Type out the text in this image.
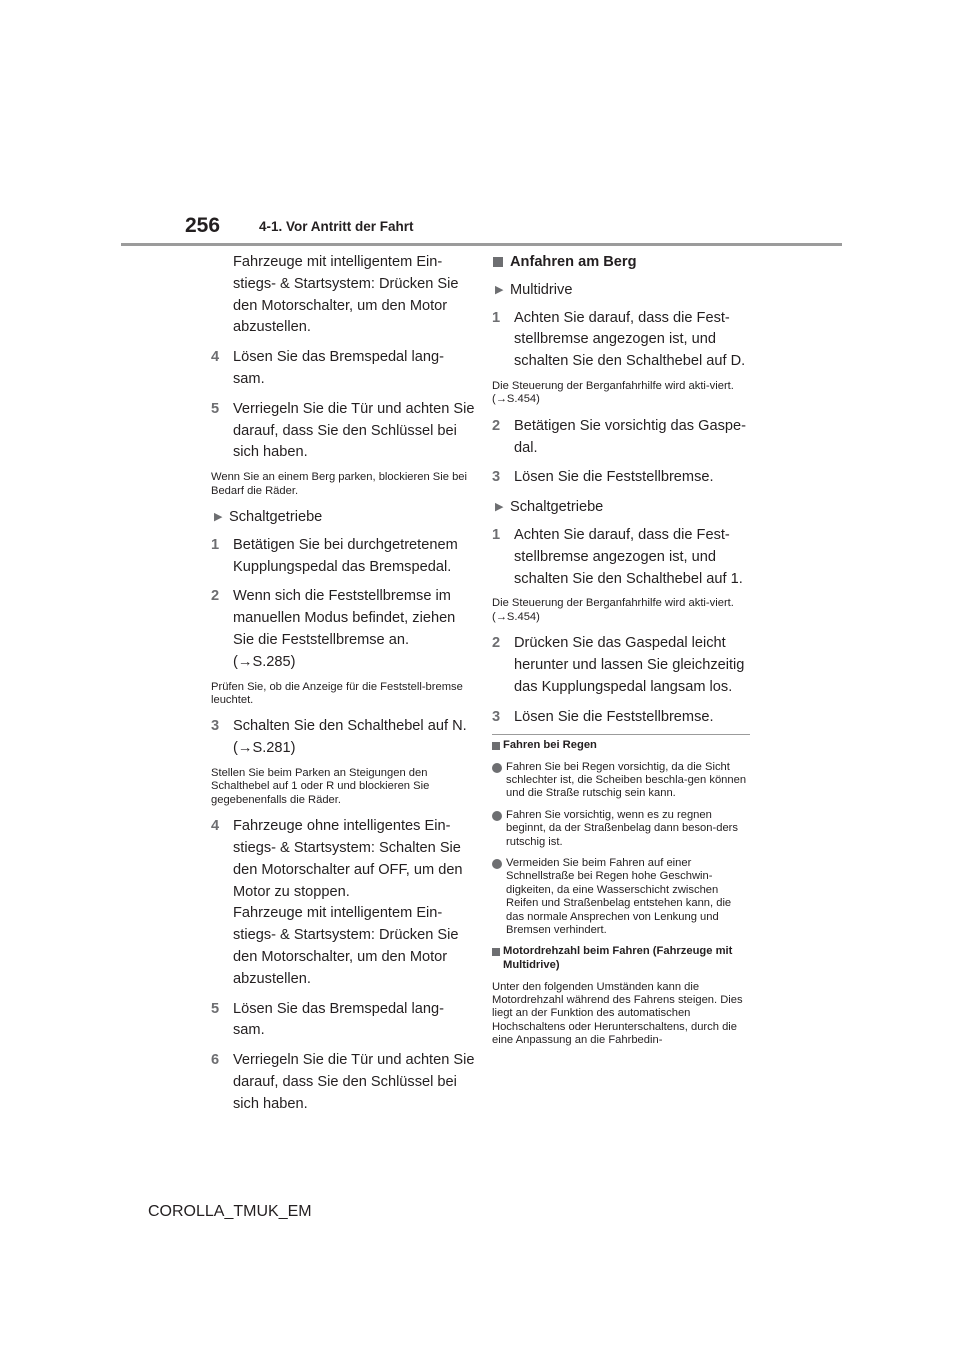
256	4-1. Vor Antritt der Fahrt

Fahrzeuge mit intelligentem Ein-stiegs- & Startsystem: Drücken Sie den Motorschalter, um den Motor abzustellen.

4 Lösen Sie das Bremspedal lang-sam.
5 Verriegeln Sie die Tür und achten Sie darauf, dass Sie den Schlüssel bei sich haben.

Wenn Sie an einem Berg parken, blockieren Sie bei Bedarf die Räder.

▶ Schaltgetriebe
1 Betätigen Sie bei durchgetretenem Kupplungspedal das Bremspedal.
2 Wenn sich die Feststellbremse im manuellen Modus befindet, ziehen Sie die Feststellbremse an. (→S.285)

Prüfen Sie, ob die Anzeige für die Feststell-bremse leuchtet.

3 Schalten Sie den Schalthebel auf N. (→S.281)

Stellen Sie beim Parken an Steigungen den Schalthebel auf 1 oder R und blockieren Sie gegebenenfalls die Räder.

4 Fahrzeuge ohne intelligentes Ein-stiegs- & Startsystem: Schalten Sie den Motorschalter auf OFF, um den Motor zu stoppen.
Fahrzeuge mit intelligentem Ein-stiegs- & Startsystem: Drücken Sie den Motorschalter, um den Motor abzustellen.
5 Lösen Sie das Bremspedal lang-sam.
6 Verriegeln Sie die Tür und achten Sie darauf, dass Sie den Schlüssel bei sich haben.
Anfahren am Berg
▶ Multidrive
1 Achten Sie darauf, dass die Fest-stellbremse angezogen ist, und schalten Sie den Schalthebel auf D.

Die Steuerung der Berganfahrhilfe wird akti-viert. (→S.454)

2 Betätigen Sie vorsichtig das Gaspe-dal.
3 Lösen Sie die Feststellbremse.
▶ Schaltgetriebe
1 Achten Sie darauf, dass die Fest-stellbremse angezogen ist, und schalten Sie den Schalthebel auf 1.

Die Steuerung der Berganfahrhilfe wird akti-viert. (→S.454)

2 Drücken Sie das Gaspedal leicht herunter und lassen Sie gleichzeitig das Kupplungspedal langsam los.
3 Lösen Sie die Feststellbremse.
Fahren bei Regen
Fahren Sie bei Regen vorsichtig, da die Sicht schlechter ist, die Scheiben beschla-gen können und die Straße rutschig sein kann.
Fahren Sie vorsichtig, wenn es zu regnen beginnt, da der Straßenbelag dann beson-ders rutschig ist.
Vermeiden Sie beim Fahren auf einer Schnellstraße bei Regen hohe Geschwin-digkeiten, da eine Wasserschicht zwischen Reifen und Straßenbelag entstehen kann, die das normale Ansprechen von Lenkung und Bremsen verhindert.
Motordrehzahl beim Fahren (Fahrzeuge mit Multidrive)

Unter den folgenden Umständen kann die Motordrehzahl während des Fahrens steigen. Dies liegt an der Funktion des automatischen Hochschaltens oder Herunterschaltens, durch die eine Anpassung an die Fahrbedin-

COROLLA_TMUK_EM
